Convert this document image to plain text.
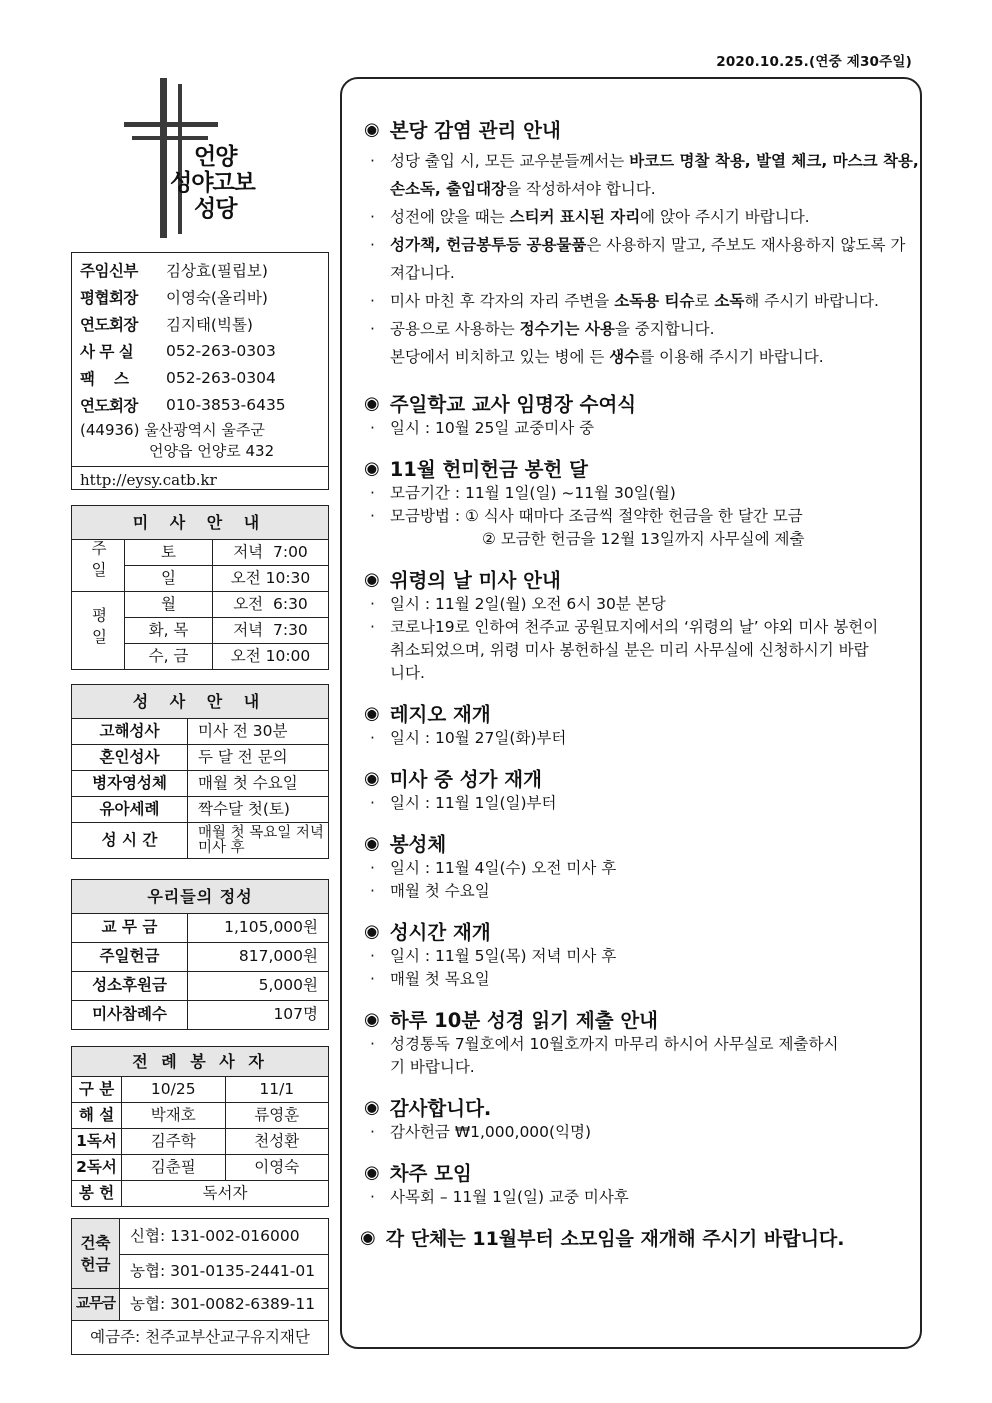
2020.10.25.(연중 제30주일)
언양
성야고보
성당
주임신부	김상효(필립보)
평협회장	이영숙(올리바)
연도회장	김지태(빅톨)
사 무 실	052-263-0303
팩    스	052-263-0304
연도회장	010-3853-6435
(44936) 울산광역시 울주군
언양읍 언양로 432
http://eysy.catb.kr
미 사 안 내		
주일	토	저녁  7:00
	일	오전 10:30
평일	월	오전  6:30
	화, 목	저녁  7:30
	수, 금	오전 10:00
성 사 안 내	
고해성사	미사 전 30분
혼인성사	두 달 전 문의
병자영성체	매월 첫 수요일
유아세례	짝수달 첫(토)
성 시 간	매월 첫 목요일 저녁미사 후
우리들의 정성	
교 무 금	1,105,000원
주일헌금	817,000원
성소후원금	5,000원
미사참례수	107명
전 례 봉 사 자		
구 분	10/25	11/1
해 설	박재호	류영훈
1독서	김주학	천성환
2독서	김춘필	이영숙
봉 헌	독서자	
건축헌금	신협: 131-002-016000
	농협: 301-0135-2441-01
교무금	농협: 301-0082-6389-11
예금주: 천주교부산교구유지재단	
◉ 본당 감염 관리 안내
· 성당 출입 시, 모든 교우분들께서는 바코드 명찰 착용, 발열 체크, 마스크 착용, 손소독, 출입대장을 작성하셔야 합니다.
· 성전에 앉을 때는 스티커 표시된 자리에 앉아 주시기 바랍니다.
· 성가책, 헌금봉투등 공용물품은 사용하지 말고, 주보도 재사용하지 않도록 가져갑니다.
· 미사 마친 후 각자의 자리 주변을 소독용 티슈로 소독해 주시기 바랍니다.
· 공용으로 사용하는 정수기는 사용을 중지합니다.
본당에서 비치하고 있는 병에 든 생수를 이용해 주시기 바랍니다.
◉ 주일학교 교사 임명장 수여식
· 일시 : 10월 25일 교중미사 중
◉ 11월 헌미헌금 봉헌 달
· 모금기간 : 11월 1일(일) ~11월 30일(월)
· 모금방법 : ① 식사 때마다 조금씩 절약한 헌금을 한 달간 모금
② 모금한 헌금을 12월 13일까지 사무실에 제출
◉ 위령의 날 미사 안내
· 일시 : 11월 2일(월) 오전 6시 30분 본당
· 코로나19로 인하여 천주교 공원묘지에서의 ‘위령의 날’ 야외 미사 봉헌이 취소되었으며, 위령 미사 봉헌하실 분은 미리 사무실에 신청하시기 바랍니다.
◉ 레지오 재개
· 일시 : 10월 27일(화)부터
◉ 미사 중 성가 재개
· 일시 : 11월 1일(일)부터
◉ 봉성체
· 일시 : 11월 4일(수) 오전 미사 후
· 매월 첫 수요일
◉ 성시간 재개
· 일시 : 11월 5일(목) 저녁 미사 후
· 매월 첫 목요일
◉ 하루 10분 성경 읽기 제출 안내
· 성경통독 7월호에서 10월호까지 마무리 하시어 사무실로 제출하시기 바랍니다.
◉ 감사합니다.
· 감사헌금 ₩1,000,000(익명)
◉ 차주 모임
· 사목회 – 11월 1일(일) 교중 미사후
◉ 각 단체는 11월부터 소모임을 재개해 주시기 바랍니다.
